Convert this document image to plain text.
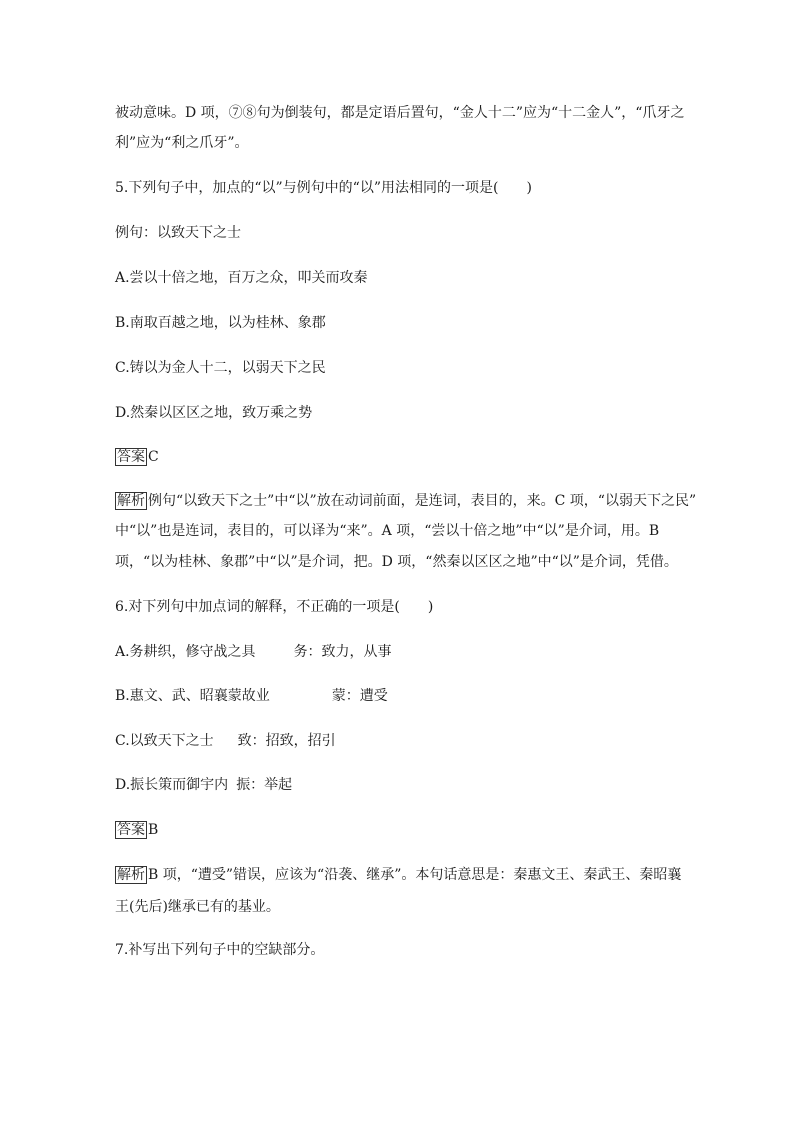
被动意味。D 项，⑦⑧句为倒装句，都是定语后置句，“金人十二”应为“十二金人”，“爪牙之
利”应为“利之爪牙”。
5.下列句子中，加点的“以”与例句中的“以”用法相同的一项是(　　)
例句：以致天下之士
A.尝以十倍之地，百万之众，叩关而攻秦
B.南取百越之地，以为桂林、象郡
C.铸以为金人十二，以弱天下之民
D.然秦以区区之地，致万乘之势
答案 C
解析 例句“以致天下之士”中“以”放在动词前面，是连词，表目的，来。C 项，“以弱天下之民”
中“以”也是连词，表目的，可以译为“来”。A 项，“尝以十倍之地”中“以”是介词，用。B
项，“以为桂林、象郡”中“以”是介词，把。D 项，“然秦以区区之地”中“以”是介词，凭借。
6.对下列句中加点词的解释，不正确的一项是(　　)
A.务耕织，修守战之具	务：致力，从事
B.惠文、武、昭襄蒙故业	蒙：遭受
C.以致天下之士 致：招致，招引
D.振长策而御宇内 振：举起
答案 B
解析 B 项，“遭受”错误，应该为“沿袭、继承”。本句话意思是：秦惠文王、秦武王、秦昭襄
王(先后)继承已有的基业。
7.补写出下列句子中的空缺部分。
